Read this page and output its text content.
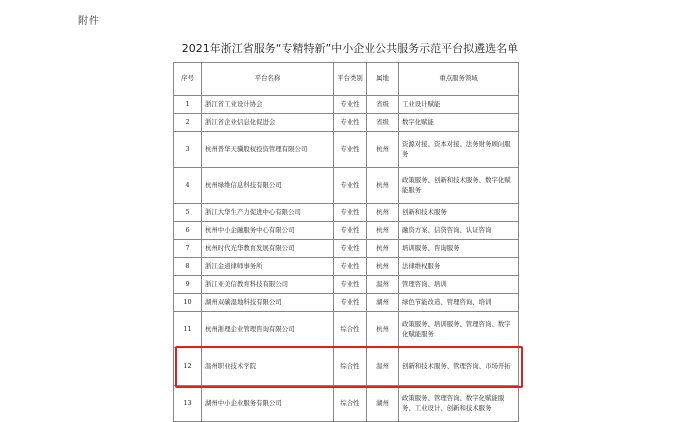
附件
2021年浙江省服务“专精特新”中小企业公共服务示范平台拟遴选名单
序号	平台名称	平台类别	属地	重点服务领域
1	浙江省工业设计协会	专业性	省级	工业设计赋能
2	浙江省企业信息化促进会	专业性	省级	数字化赋能
3	杭州普华天骥股权投资管理有限公司	专业性	杭州	资源对接、资本对接、法务财务顾问服务
4	杭州绿维信息科技有限公司	专业性	杭州	政策服务、创新和技术服务、数字化赋能服务
5	浙江大华生产力促进中心有限公司	专业性	杭州	创新和技术服务
6	杭州中小企融服务中心有限公司	专业性	杭州	融资方案、信贷咨询、认证咨询
7	杭州时代光华教育发展有限公司	专业性	杭州	培训服务、咨询服务
8	浙江金道律师事务所	专业性	杭州	法律维权服务
9	浙江亚美信教育科技有限公司	专业性	温州	管理咨询、培训
10	湖州双碳湿地科技有限公司	专业性	湖州	绿色节能改造、管理咨询、培训
11	杭州浙理企业管理咨询有限公司	综合性	杭州	政策服务、培训服务、管理咨询、数字化赋能服务
12	温州职业技术学院	综合性	温州	创新和技术服务、管理咨询、市场开拓
13	湖州中小企业服务有限公司	综合性	湖州	政策服务、管理咨询、数字化赋能服务、工业设计、创新和技术服务
